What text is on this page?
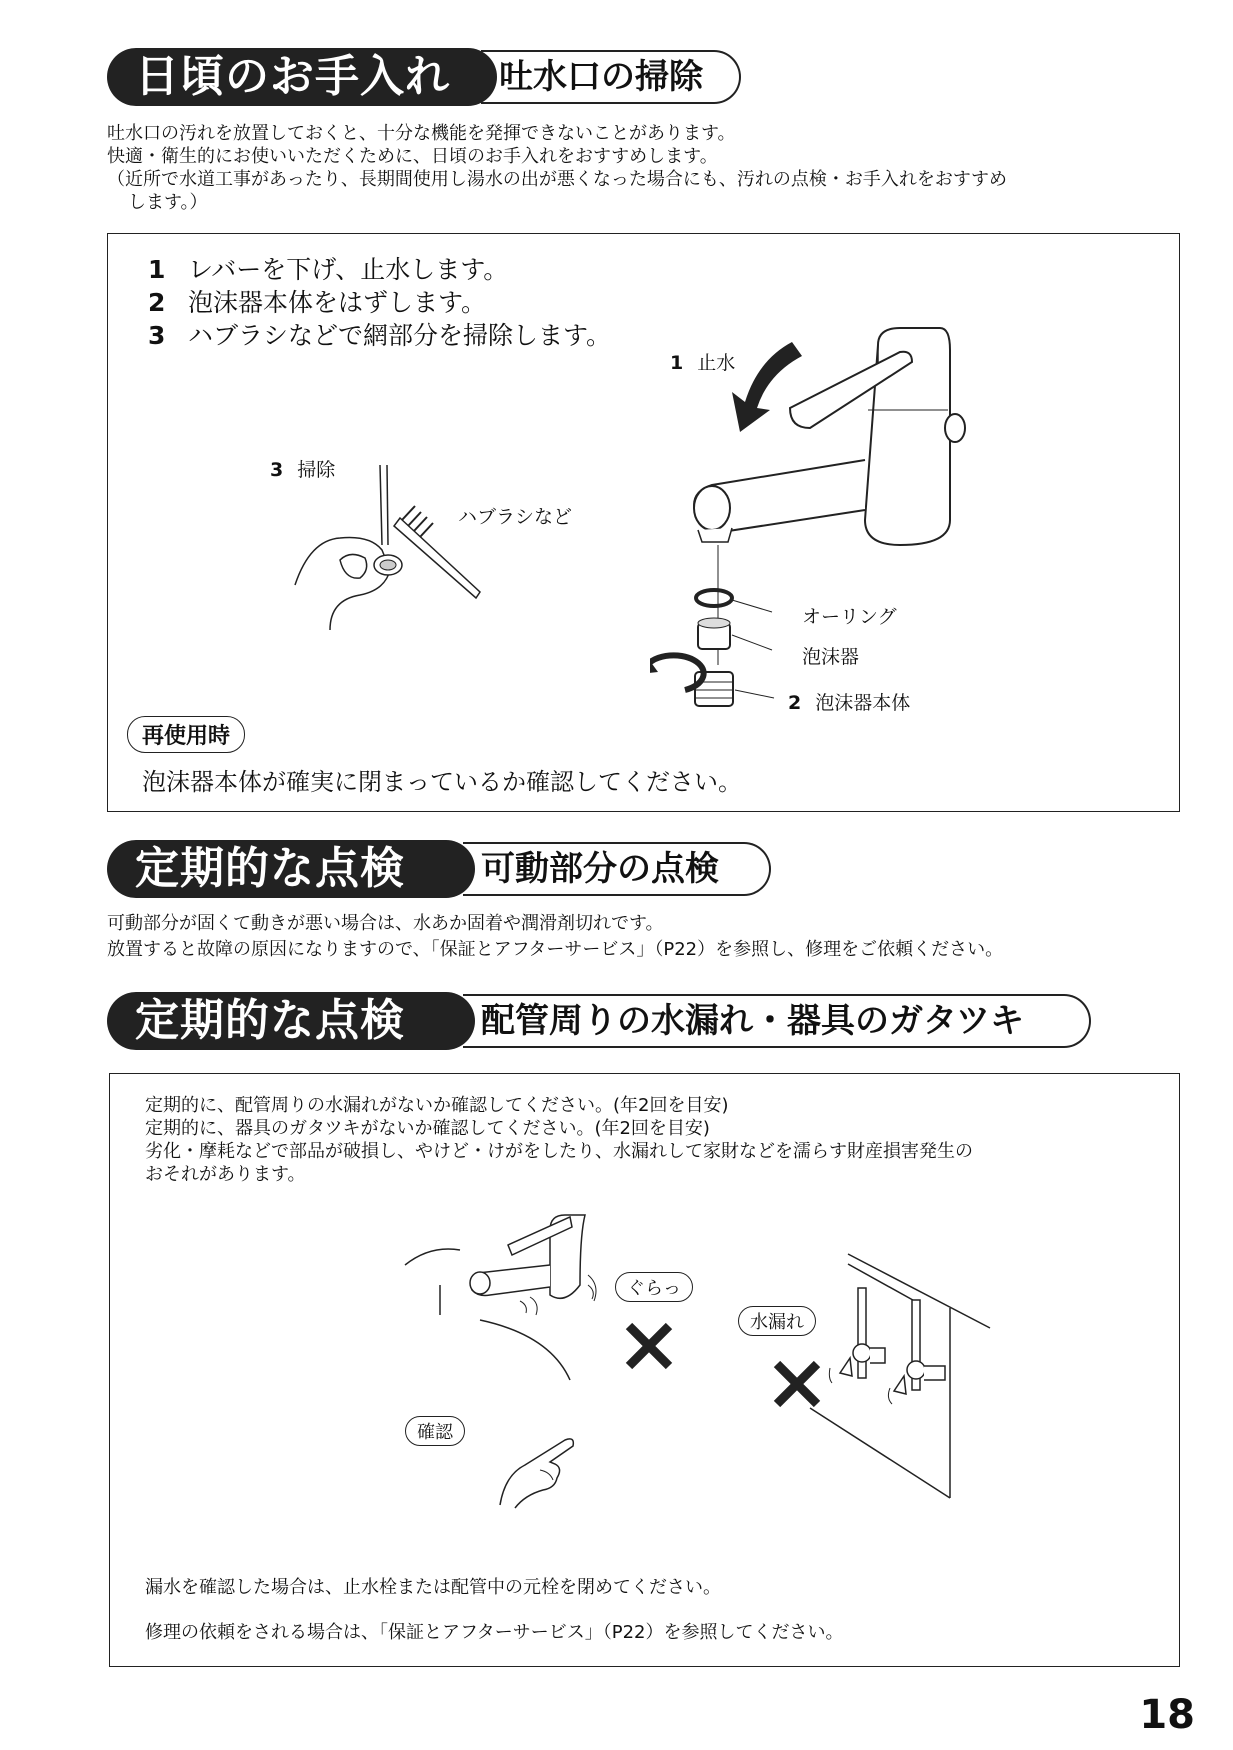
吐水口の掃除
日頃のお手入れ
吐水口の汚れを放置しておくと、十分な機能を発揮できないことがあります。
快適・衛生的にお使いいただくために、日頃のお手入れをおすすめします。
（近所で水道工事があったり、長期間使用し湯水の出が悪くなった場合にも、汚れの点検・お手入れをおすすめ
します。）
1 レバーを下げ、止水します。
2 泡沫器本体をはずします。
3 ハブラシなどで網部分を掃除します。
1 止水
3 掃除
ハブラシなど
オーリング
泡沫器
2 泡沫器本体
再使用時
泡沫器本体が確実に閉まっているか確認してください。
可動部分の点検
定期的な点検
可動部分が固くて動きが悪い場合は、水あか固着や潤滑剤切れです。
放置すると故障の原因になりますので、「保証とアフターサービス」（P22）を参照し、修理をご依頼ください。
配管周りの水漏れ・器具のガタツキ
定期的な点検
定期的に、配管周りの水漏れがないか確認してください。(年2回を目安)
定期的に、器具のガタツキがないか確認してください。(年2回を目安)
劣化・摩耗などで部品が破損し、やけど・けがをしたり、水漏れして家財などを濡らす財産損害発生の
おそれがあります。
ぐらっ
水漏れ
確認
漏水を確認した場合は、止水栓または配管中の元栓を閉めてください。
修理の依頼をされる場合は、「保証とアフターサービス」（P22）を参照してください。
18
